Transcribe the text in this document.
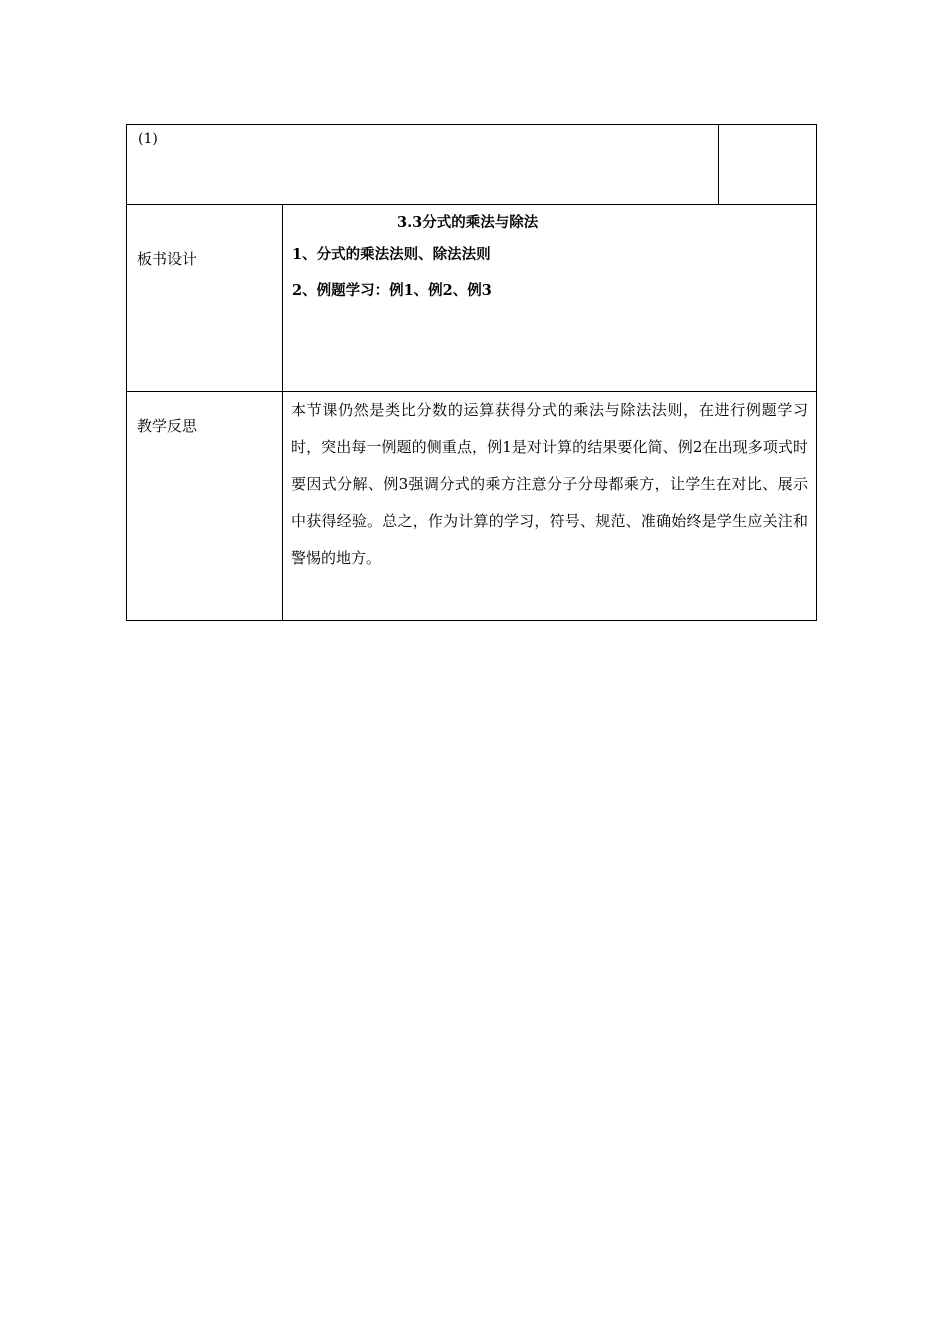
(1)		
板书设计	3.3分式的乘法与除法
1、分式的乘法法则、除法法则
2、例题学习：例1、例2、例3	

教学反思	本节课仍然是类比分数的运算获得分式的乘法与除法法则，在进行例题学习时，突出每一例题的侧重点，例1是对计算的结果要化简、例2在出现多项式时要因式分解、例3强调分式的乘方注意分子分母都乘方，让学生在对比、展示中获得经验。总之，作为计算的学习，符号、规范、准确始终是学生应关注和警惕的地方。	
